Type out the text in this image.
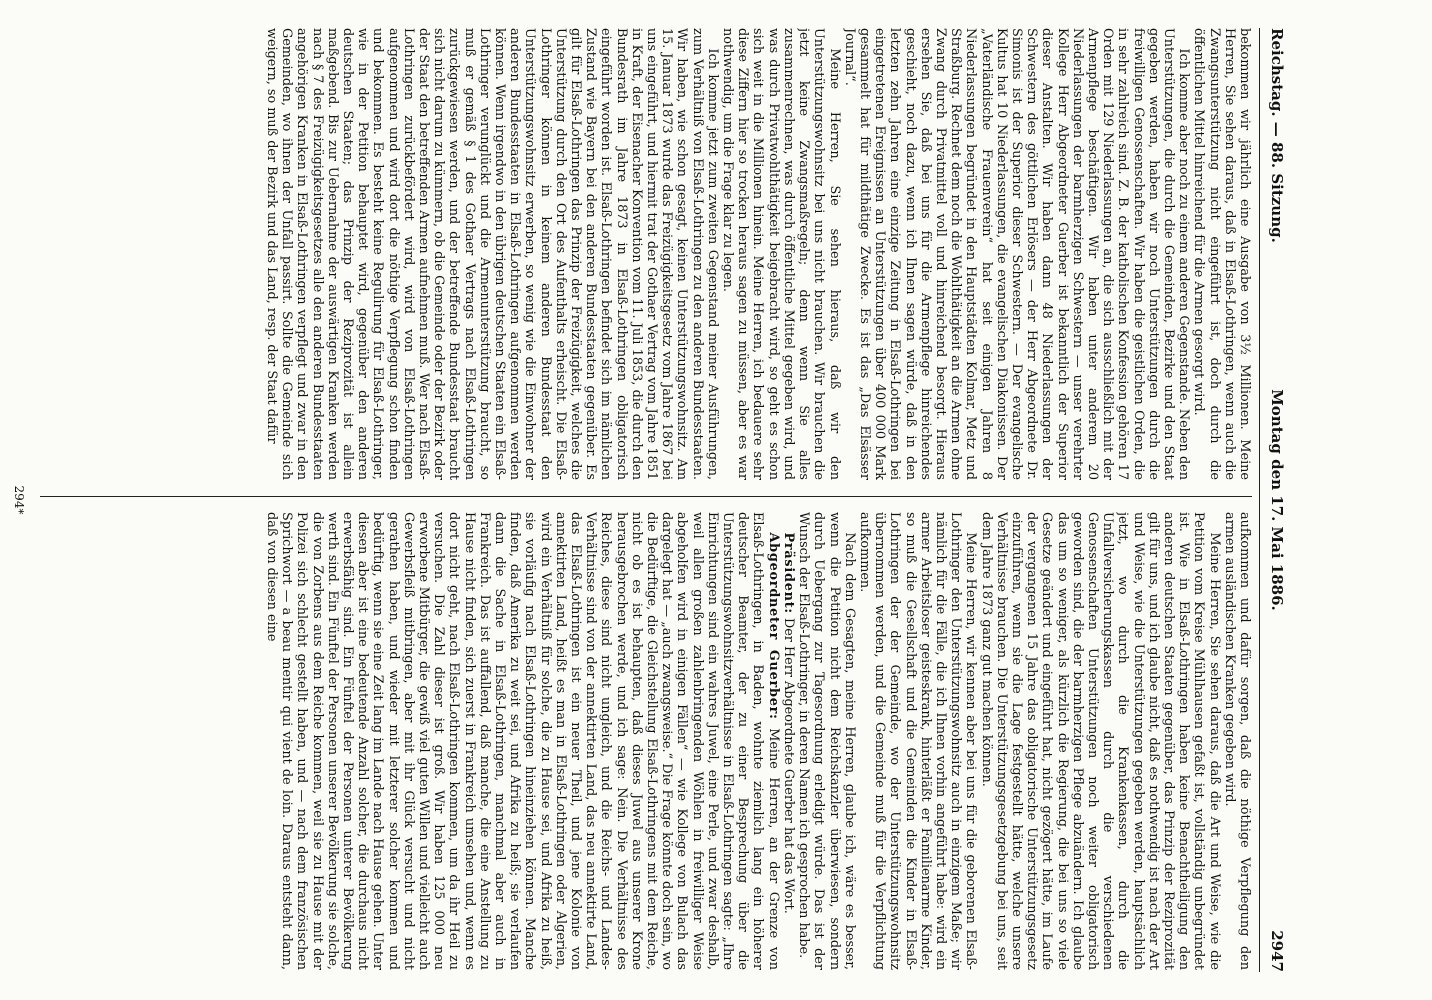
Reichstag. — 88. Sitzung.
Montag den 17. Mai 1886.
2947

bekommen wir jährlich eine Ausgabe von 3½ Millionen. Meine Herren, Sie sehen daraus, daß in Elsaß-Lothringen, wenn auch die Zwangsunterstützung nicht eingeführt ist, doch durch die öffentlichen Mittel hinreichend für die Armen gesorgt wird.

Ich komme aber noch zu einem anderen Gegenstande. Neben den Unterstützungen, die durch die Gemeinden, Bezirke und den Staat gegeben werden, haben wir noch Unterstützungen durch die freiwilligen Genossenschaften. Wir haben die geistlichen Orden, die in sehr zahlreich sind. Z. B. der katholischen Konfession gehören 17 Orden mit 129 Niederlassungen an, die sich ausschließlich mit der Armenpflege beschäftigen. Wir haben unter anderem 20 Niederlassungen der barmherzigen Schwestern — unser verehrter Kollege Herr Abgeordneter Guerber ist bekanntlich der Superior dieser Anstalten. Wir haben dann 48 Niederlassungen der Schwestern des göttlichen Erlösers — der Herr Abgeordnete Dr. Simonis ist der Superior dieser Schwestern. — Der evangelische Kultus hat 10 Niederlassungen, die evangelischen Diakonissen. Der „Vaterländische Frauenverein“ hat seit einigen Jahren 8 Niederlassungen begründet in den Hauptstädten Kolmar, Metz und Straßburg. Rechnet dem noch die Wohlthätigkeit an die Armen ohne Zwang durch Privatmittel voll und hinreichend besorgt. Hieraus ersehen Sie, daß bei uns für die Armenpflege hinreichendes geschieht, noch dazu, wenn ich Ihnen sagen würde, daß in den letzten zehn Jahren eine einzige Zeitung in Elsaß-Lothringen bei eingetretenen Ereignissen an Unterstützungen über 400 000 Mark gesammelt hat für mildthätige Zwecke. Es ist das „Das Elsässer Journal“.

Meine Herren, Sie sehen hieraus, daß wir den Unterstützungswohnsitz bei uns nicht brauchen. Wir brauchen die jetzt keine Zwangsmaßregeln; denn wenn Sie alles zusammenrechnen, was durch öffentliche Mittel gegeben wird, und was durch Privatwohlthätigkeit beigebracht wird, so geht es schon sich weit in die Millionen hinein. Meine Herren, ich bedauere sehr diese Ziffern hier so trocken heraus sagen zu müssen, aber es war nothwendig, um die Frage klar zu legen.

Ich komme jetzt zum zweiten Gegenstand meiner Ausführungen, zum Verhältniß von Elsaß-Lothringen zu den anderen Bundesstaaten. Wir haben, wie schon gesagt, keinen Unterstützungswohnsitz. Am 15. Januar 1873 wurde das Freizügigkeitsgesetz vom Jahre 1867 bei uns eingeführt, und hiermit trat der Gothaer Vertrag vom Jahre 1851 in Kraft, der Eisenacher Konvention vom 11. Juli 1853, die durch den Bundesrath im Jahre 1873 in Elsaß-Lothringen obligatorisch eingeführt worden ist. Elsaß-Lothringen befindet sich im nämlichen Zustand wie Bayern bei den anderen Bundesstaaten gegenüber. Es gilt für Elsaß-Lothringen das Prinzip der Freizügigkeit, welches die Unterstützung durch den Ort des Aufenthalts erheischt. Die Elsaß-Lothringer können in keinem anderen Bundesstaat den Unterstützungswohnsitz erwerben, so wenig wie die Einwohner der anderen Bundesstaaten in Elsaß-Lothringen aufgenommen werden können. Wenn irgendwo in den übrigen deutschen Staaten ein Elsaß-Lothringer verunglückt und die Armenunterstützung braucht, so muß er gemäß § 1 des Gothaer Vertrags nach Elsaß-Lothringen zurückgewiesen werden, und der betreffende Bundesstaat braucht sich nicht darum zu kümmern, ob die Gemeinde oder der Bezirk oder der Staat den betreffenden Armen aufnehmen muß. Wer nach Elsaß-Lothringen zurückbefördert wird, wird von Elsaß-Lothringen aufgenommen und wird dort die nöthige Verpflegung schon finden und bekommen. Es besteht keine Regulirung für Elsaß-Lothringer, wie in der Petition behauptet wird, gegenüber den anderen deutschen Staaten; das Prinzip der Reziprozität ist allein maßgebend. Bis zur Uebernahme der auswärtigen Kranken werden nach § 7 des Freizügigkeitsgesetzes alle den anderen Bundesstaaten angehörigen Kranken in Elsaß-Lothringen verpflegt und zwar in den Gemeinden, wo ihnen der Unfall passirt. Sollte die Gemeinde sich weigern, so muß der Bezirk und das Land, resp. der Staat dafür

aufkommen und dafür sorgen, daß die nöthige Verpflegung den armen ausländischen Kranken gegeben wird.

Meine Herren, Sie sehen daraus, daß die Art und Weise, wie die Petition vom Kreise Mühlhausen gefaßt ist, vollständig unbegründet ist. Wie in Elsaß-Lothringen haben keine Benachtheiligung den anderen deutschen Staaten gegenüber, das Prinzip der Reziprozität gilt für uns, und ich glaube nicht, daß es nothwendig ist nach der Art und Weise, wie die Unterstützungen gegeben werden, hauptsächlich jetzt, wo durch die Krankenkassen, durch die Unfallversicherungskassen durch die verschiedenen Genossenschaften Unterstützungen noch weiter obligatorisch geworden sind, die der barmherzigen Pflege abzuändern. Ich glaube das um so weniger, als kürzlich die Regierung, die bei uns so viele Gesetze geändert und eingeführt hat, nicht gezögert hätte, im Laufe der vergangenen 15 Jahre das obligatorische Unterstützungsgesetz einzuführen, wenn sie die Lage festgestellt hätte, welche unsere Verhältnisse brauchen. Die Unterstützungsgesetzgebung bei uns, seit dem Jahre 1873 ganz gut machen können.

Meine Herren, wir kennen aber bei uns für die geborenen Elsaß-Lothringer den Unterstützungswohnsitz auch in einzigem Maße; wir nämlich für die Fälle, die ich Ihnen vorhin angeführt habe: wird ein armer Arbeitsloser geisteskrank, hinterläßt er Familienarme Kinder, so muß die Gesellschaft und die Gemeinden die Kinder in Elsaß-Lothringen der der Gemeinde, wo der Unterstützungswohnsitz übernommen werden, und die Gemeinde muß für die Verpflichtung aufkommen.

Nach dem Gesagten, meine Herren, glaube ich, wäre es besser, wenn die Petition nicht dem Reichskanzler überwiesen, sondern durch Uebergang zur Tagesordnung erledigt würde. Das ist der Wunsch der Elsaß-Lothringer, in deren Namen ich gesprochen habe.

Präsident: Der Herr Abgeordnete Guerber hat das Wort.

Abgeordneter Guerber: Meine Herren, an der Grenze von Elsaß-Lothringen, in Baden, wohnte ziemlich lang ein höherer deutscher Beamter, der zu einer Besprechung über die Unterstützungswohnsitzverhältnisse in Elsaß-Lothringen sagte: „Ihre Einrichtungen sind ein wahres Juwel, eine Perle, und zwar deshalb, weil allen großen zahlenbringenden Wöhlen in freiwilliger Weise abgeholfen wird in einigen Fällen“ — wie Kollege von Bulach das dargelegt hat — „auch zwangsweise.“ Die Frage könnte doch sein, wo die Bedürftige, die Gleichstellung Elsaß-Lothringens mit dem Reiche, nicht ob es ist behaupten, daß dieses Juwel aus unserer Krone herausgebrochen werde, und ich sage: Nein. Die Verhältnisse des Reiches, diese sind nicht ungleich, und die Reichs- und Landes- Verhältnisse sind von der annektirten Land, das neu annektirte Land, das Elsaß-Lothringen ist ein neuer Theil, und jene Kolonie von annektirten Land, heißt es man in Elsaß-Lothringen oder Algerien, wird ein Verhältniß für solche, die zu Hause sei, und Afrika zu heiß, sie vorläufig nach Elsaß-Lothringen hineinziehen können. Manche finden, daß Amerika zu weit sei, und Afrika zu heiß; sie verlaufen dann die Sache in Elsaß-Lothringen, manchmal aber auch in Frankreich. Das ist auffallend, daß manche, die eine Anstellung zu Hause nicht finden, sich zuerst in Frankreich umsehen und, wenn es dort nicht geht, nach Elsaß-Lothringen kommen, um da ihr Heil zu versuchen. Die Zahl dieser ist groß. Wir haben 125 000 neu erworbene Mitbürger, die gewiß viel guten Willen und vielleicht auch Gewerbsfleiß mitbringen, aber mit ihr Glück versucht und nicht gerathen haben, und wieder mit letzterer solcher kommen und bedürftig, wenn sie eine Zeit lang im Lande nach Hause gehen. Unter diesen aber ist eine bedeutende Anzahl solcher, die durchaus nicht erwerbsfähig sind. Ein Fünftel der Personen unterer Bevölkerung werth sind. Ein Fünftel der Personen unserer Bevölkerung sie solche, die von Zorbens aus dem Reiche kommen, weil sie zu Hause mit der Polizei sich schlecht gestellt haben, und — nach dem französischen Sprichwort — a beau mentir qui vient de loin. Daraus entsteht dann, daß von diesen eine

294*
